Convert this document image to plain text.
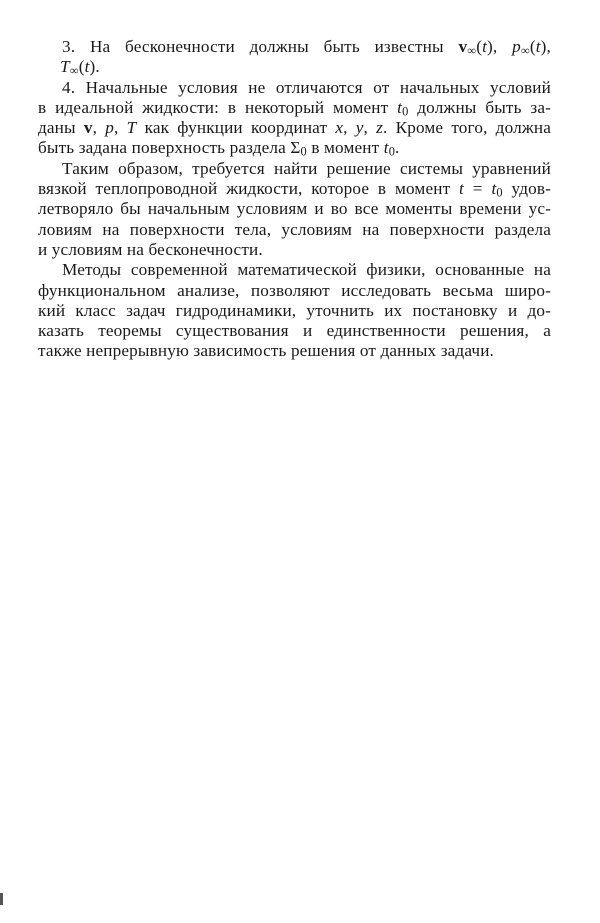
3. На бесконечности должны быть известны $v_\infty(t)$, $p_\infty(t)$,
$T_\infty(t)$.
4. Начальные условия не отличаются от начальных условий
в идеальной жидкости: в некоторый момент $t_0$ должны быть за-
даны v, p, T как функции координат x, y, z. Кроме того, должна
быть задана поверхность раздела $\Sigma_0$ в момент $t_0$.
Таким образом, требуется найти решение системы уравнений
вязкой теплопроводной жидкости, которое в момент $t = t_0$ удов-
летворяло бы начальным условиям и во все моменты времени ус-
ловиям на поверхности тела, условиям на поверхности раздела
и условиям на бесконечности.
Методы современной математической физики, основанные на
функциональном анализе, позволяют исследовать весьма широ-
кий класс задач гидродинамики, уточнить их постановку и до-
казать теоремы существования и единственности решения, а
также непрерывную зависимость решения от данных задачи.
